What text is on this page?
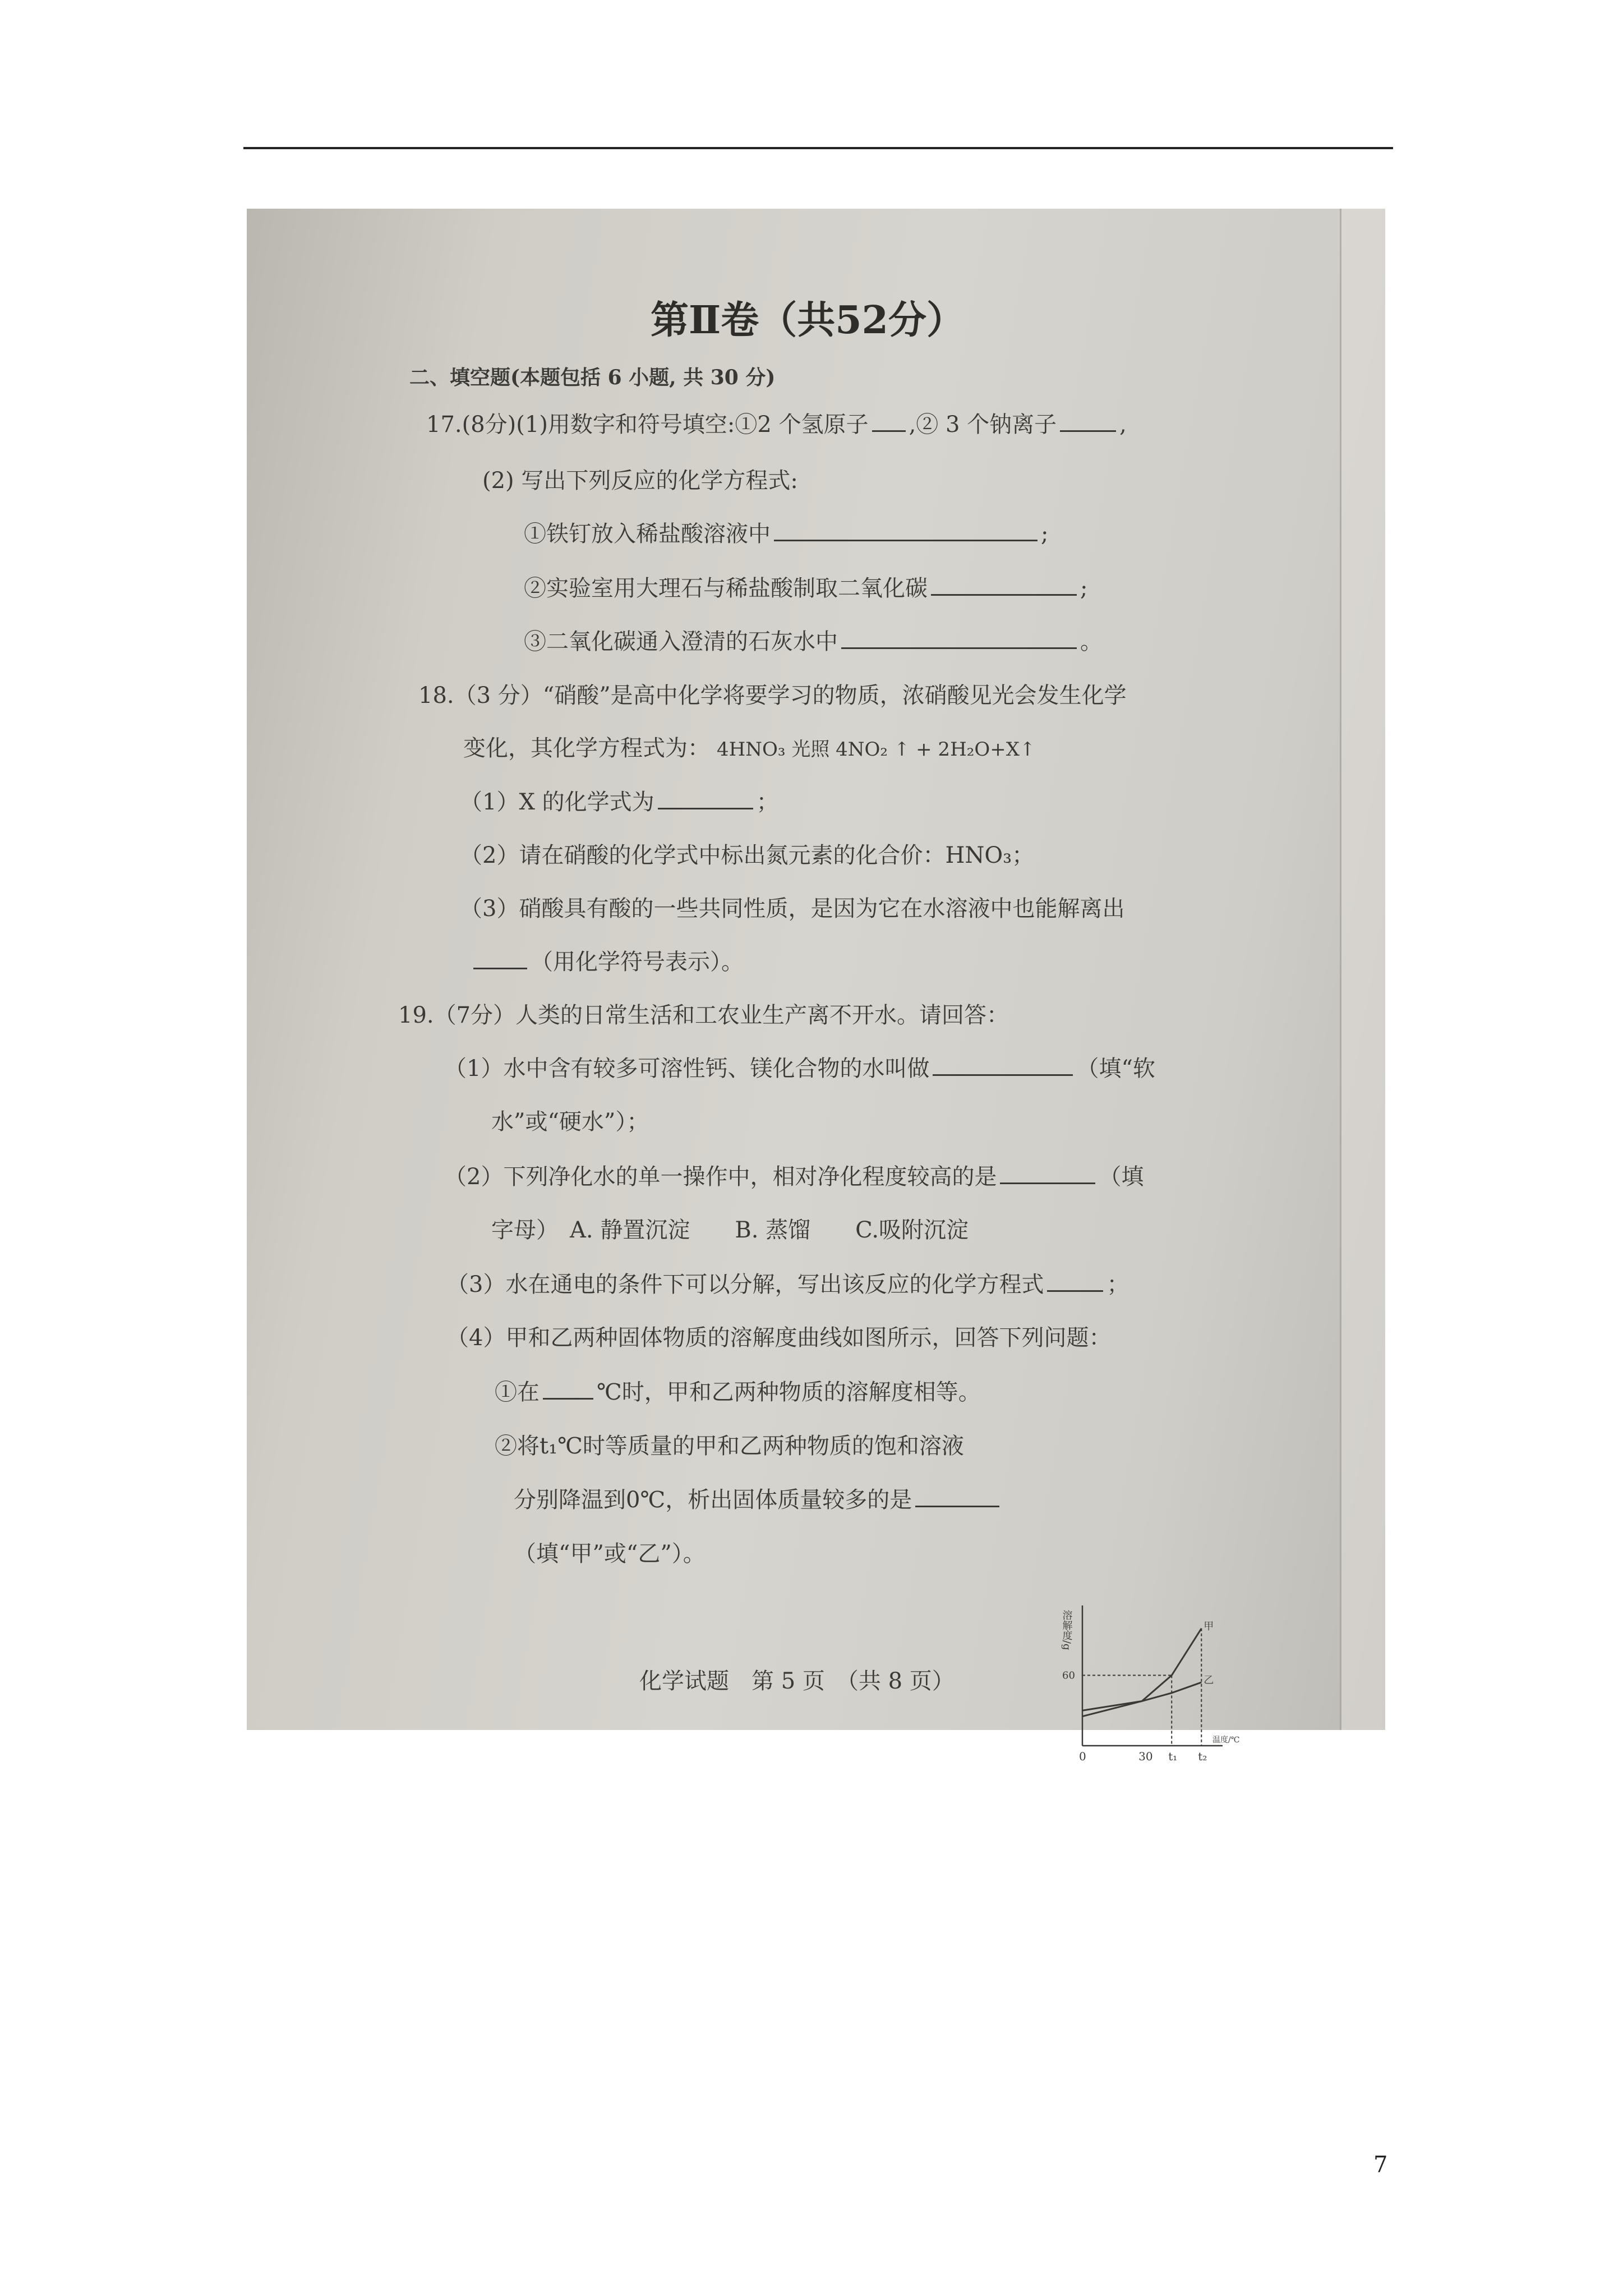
第Ⅱ卷（共52分）
二、填空题(本题包括 6 小题, 共 30 分)
17.(8分)(1)用数字和符号填空:①2 个氢原子 ,② 3 个钠离子	,
(2) 写出下列反应的化学方程式:
①铁钉放入稀盐酸溶液中	;
②实验室用大理石与稀盐酸制取二氧化碳	;
③二氧化碳通入澄清的石灰水中	。
18.（3 分）“硝酸”是高中化学将要学习的物质，浓硝酸见光会发生化学
变化，其化学方程式为： 4HNO₃ 光照 4NO₂ ↑ + 2H₂O+X↑
（1）X 的化学式为	；
（2）请在硝酸的化学式中标出氮元素的化合价：HNO₃；
（3）硝酸具有酸的一些共同性质，是因为它在水溶液中也能解离出
（用化学符号表示）。
19.（7分）人类的日常生活和工农业生产离不开水。请回答：
（1）水中含有较多可溶性钙、镁化合物的水叫做	（填“软
水”或“硬水”）；
（2）下列净化水的单一操作中，相对净化程度较高的是	（填
字母）　A. 静置沉淀　　B. 蒸馏　　C.吸附沉淀
（3）水在通电的条件下可以分解，写出该反应的化学方程式	；
（4）甲和乙两种固体物质的溶解度曲线如图所示，回答下列问题：
①在	℃时，甲和乙两种物质的溶解度相等。
②将t₁℃时等质量的甲和乙两种物质的饱和溶液
分别降温到0℃，析出固体质量较多的是
（填“甲”或“乙”）。
溶解度/g
温度/℃
60
0	30 t₁ t₂
甲
乙
化学试题　第 5 页　（共 8 页）
7
